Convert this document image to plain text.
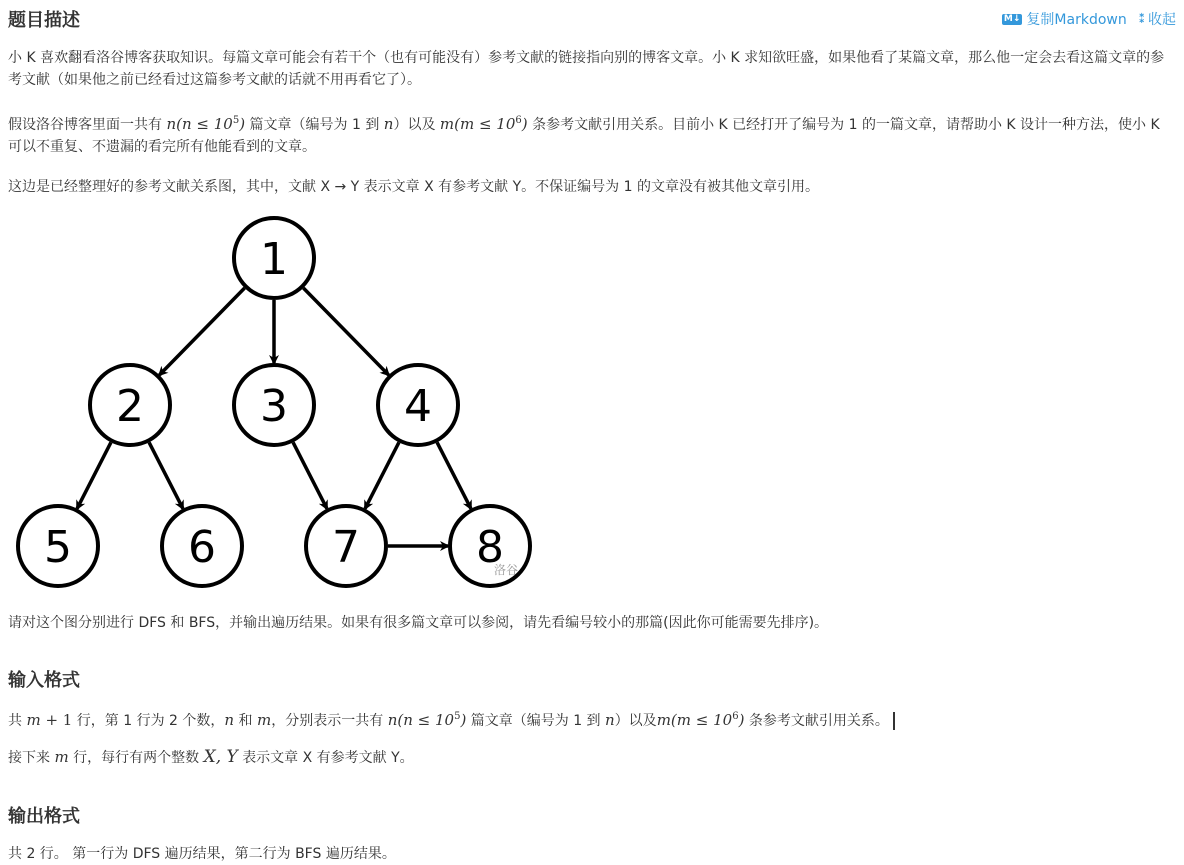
题目描述	M↓ 复制Markdown ⁑ 收起

小 K 喜欢翻看洛谷博客获取知识。每篇文章可能会有若干个（也有可能没有）参考文献的链接指向别的博客文章。小 K 求知欲旺盛，如果他看了某篇文章，那么他一定会去看这篇文章的参考文献（如果他之前已经看过这篇参考文献的话就不用再看它了）。

假设洛谷博客里面一共有 $n(n \le 10^5)$ 篇文章（编号为 1 到 n）以及 $m(m \le 10^6)$ 条参考文献引用关系。目前小 K 已经打开了编号为 1 的一篇文章，请帮助小 K 设计一种方法，使小 K 可以不重复、不遗漏的看完所有他能看到的文章。

这边是已经整理好的参考文献关系图，其中，文献 X → Y 表示文章 X 有参考文献 Y。不保证编号为 1 的文章没有被其他文章引用。

1
2	3	4
5	6	7	8
洛谷

请对这个图分别进行 DFS 和 BFS，并输出遍历结果。如果有很多篇文章可以参阅，请先看编号较小的那篇(因此你可能需要先排序)。

输入格式

共 m + 1 行，第 1 行为 2 个数，n 和 m，分别表示一共有 $n(n \le 10^5)$ 篇文章（编号为 1 到 n）以及$m(m \le 10^6)$ 条参考文献引用关系。

接下来 m 行，每行有两个整数 X, Y 表示文章 X 有参考文献 Y。

输出格式

共 2 行。 第一行为 DFS 遍历结果，第二行为 BFS 遍历结果。
